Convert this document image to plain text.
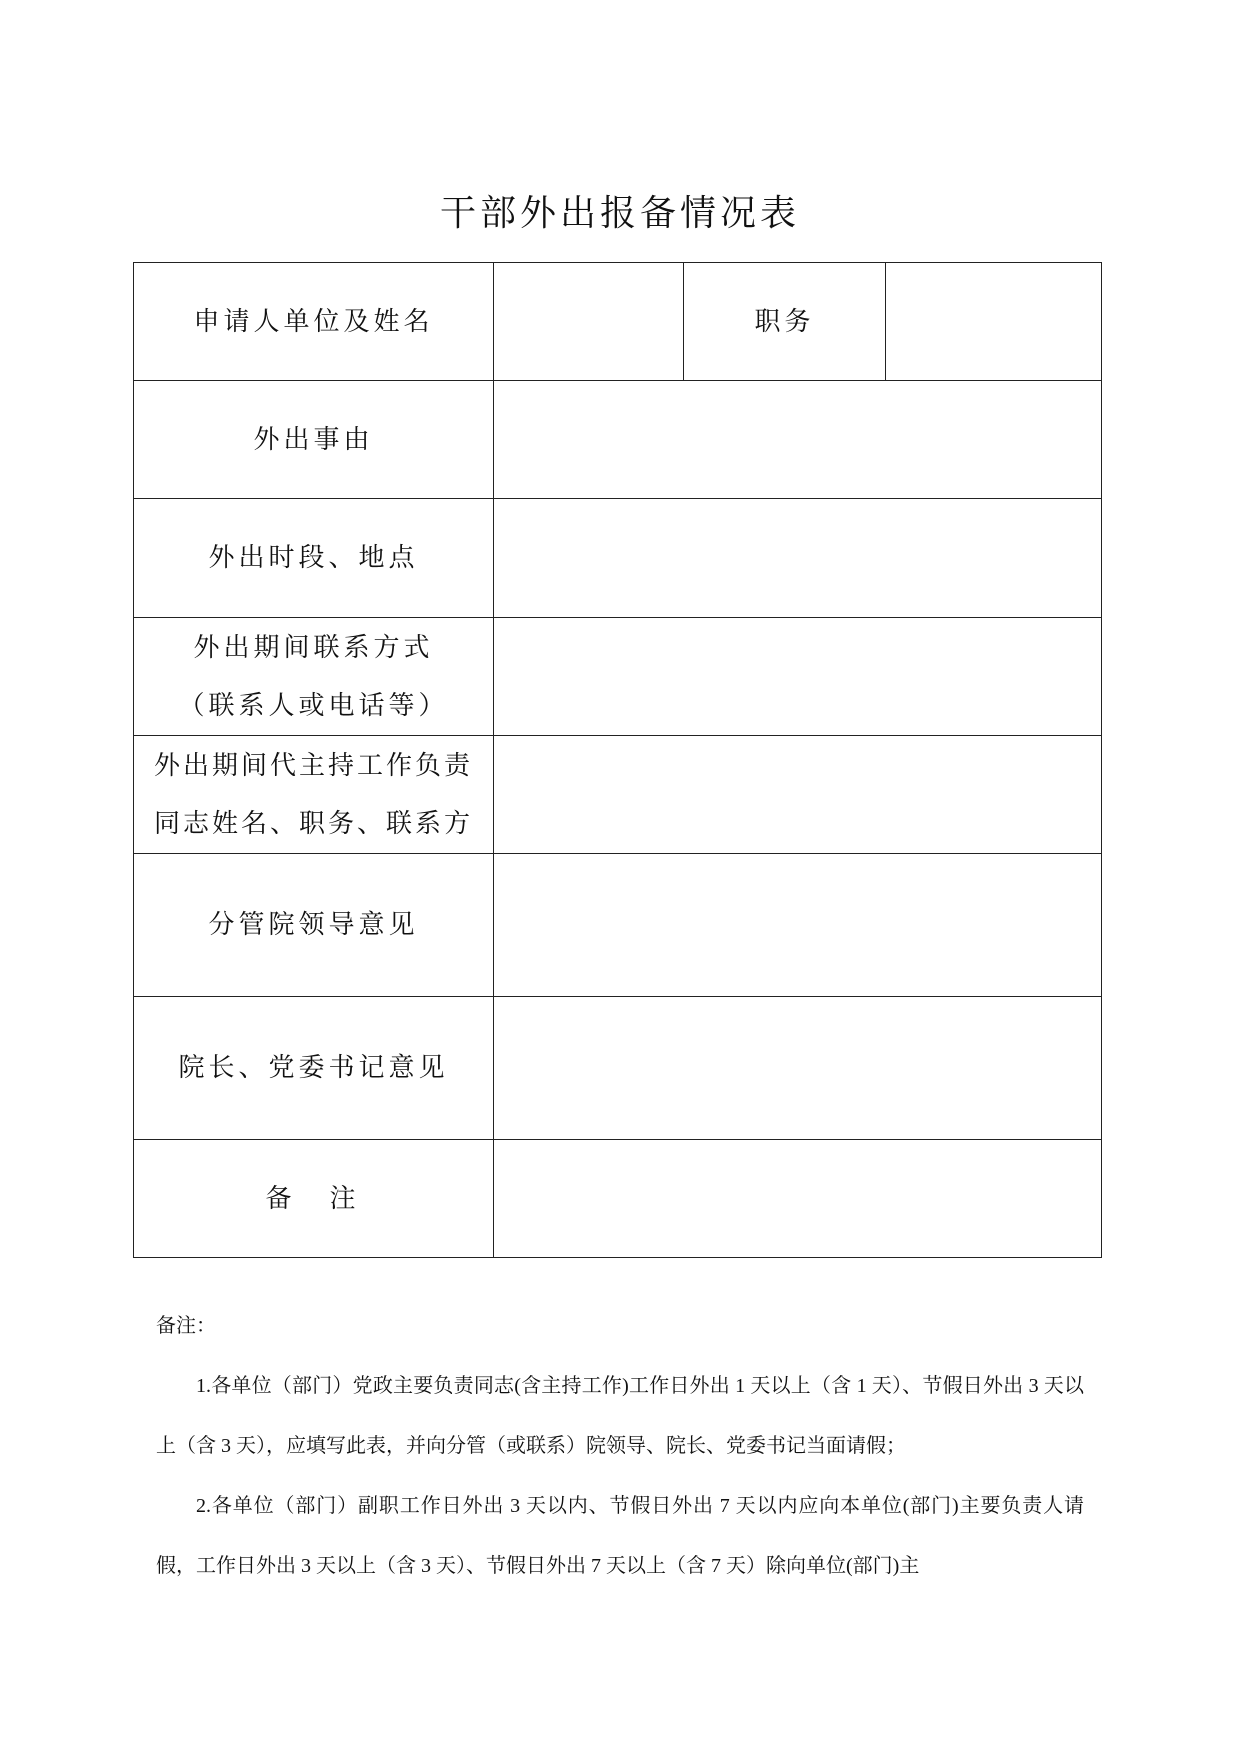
干部外出报备情况表
申请人单位及姓名		职务	
外出事由			
外出时段、地点			

外出期间联系方式
（联系人或电话等）			

外出期间代主持工作负责
同志姓名、职务、联系方			

分管院领导意见			
院长、党委书记意见			
备　注			
备注：
1.各单位（部门）党政主要负责同志(含主持工作)工作日外出 1 天以上（含 1 天）、节假日外出 3 天以上（含 3 天），应填写此表，并向分管（或联系）院领导、院长、党委书记当面请假；
2.各单位（部门）副职工作日外出 3 天以内、节假日外出 7 天以内应向本单位(部门)主要负责人请假，工作日外出 3 天以上（含 3 天）、节假日外出 7 天以上（含 7 天）除向单位(部门)主
